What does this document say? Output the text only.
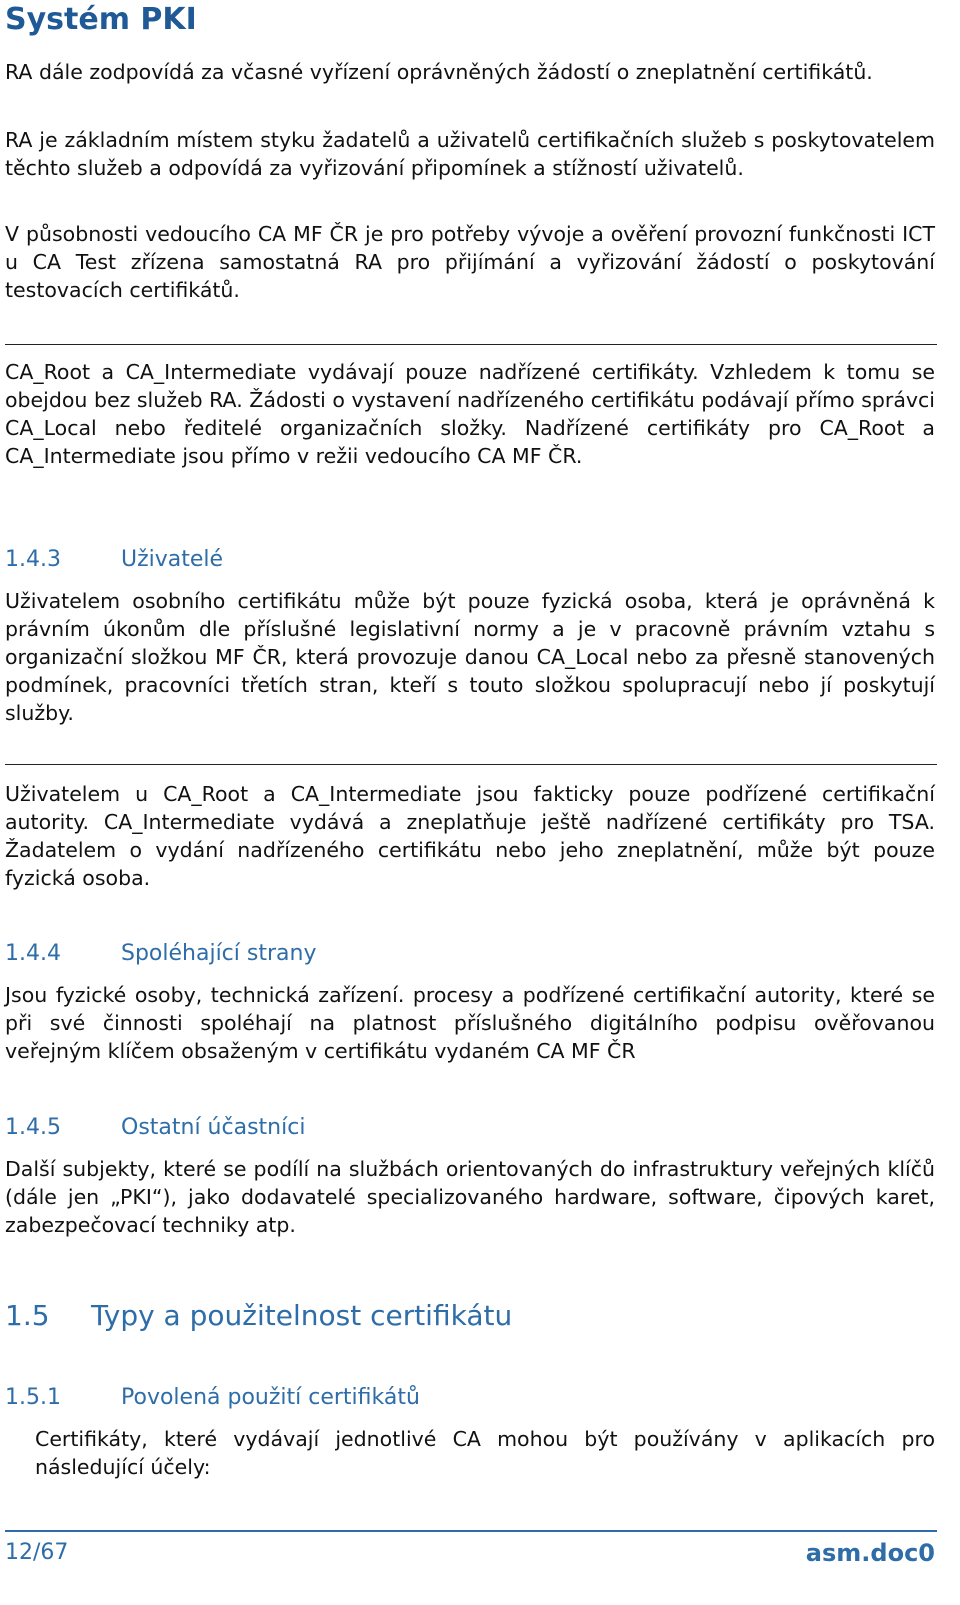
Systém PKI

RA dále zodpovídá za včasné vyřízení oprávněných žádostí o zneplatnění certifikátů.

RA je základním místem styku žadatelů a uživatelů certifikačních služeb s poskytovatelem těchto služeb a odpovídá za vyřizování připomínek a stížností uživatelů.

V působnosti vedoucího CA MF ČR je pro potřeby vývoje a ověření provozní funkčnosti ICT u CA Test zřízena samostatná RA pro přijímání a vyřizování žádostí o poskytování testovacích certifikátů.

CA_Root a CA_Intermediate vydávají pouze nadřízené certifikáty. Vzhledem k tomu se obejdou bez služeb RA. Žádosti o vystavení nadřízeného certifikátu podávají přímo správci CA_Local nebo ředitelé organizačních složky. Nadřízené certifikáty pro CA_Root a CA_Intermediate jsou přímo v režii vedoucího CA MF ČR.

1.4.3	Uživatelé

Uživatelem osobního certifikátu může být pouze fyzická osoba, která je oprávněná k právním úkonům dle příslušné legislativní normy a je v pracovně právním vztahu s organizační složkou MF ČR, která provozuje danou CA_Local nebo za přesně stanovených podmínek, pracovníci třetích stran, kteří s touto složkou spolupracují nebo jí poskytují služby.

Uživatelem u CA_Root a CA_Intermediate jsou fakticky pouze podřízené certifikační autority. CA_Intermediate vydává a zneplatňuje ještě nadřízené certifikáty pro TSA. Žadatelem o vydání nadřízeného certifikátu nebo jeho zneplatnění, může být pouze fyzická osoba.

1.4.4	Spoléhající strany

Jsou fyzické osoby, technická zařízení. procesy a podřízené certifikační autority, které se při své činnosti spoléhají na platnost příslušného digitálního podpisu ověřovanou veřejným klíčem obsaženým v certifikátu vydaném CA MF ČR

1.4.5	Ostatní účastníci

Další subjekty, které se podílí na službách orientovaných do infrastruktury veřejných klíčů (dále jen „PKI“), jako dodavatelé specializovaného hardware, software, čipových karet, zabezpečovací techniky atp.

1.5 Typy a použitelnost certifikátu
1.5.1	Povolená použití certifikátů

Certifikáty, které vydávají jednotlivé CA mohou být používány v aplikacích pro následující účely:

12/67	asm.doc0
